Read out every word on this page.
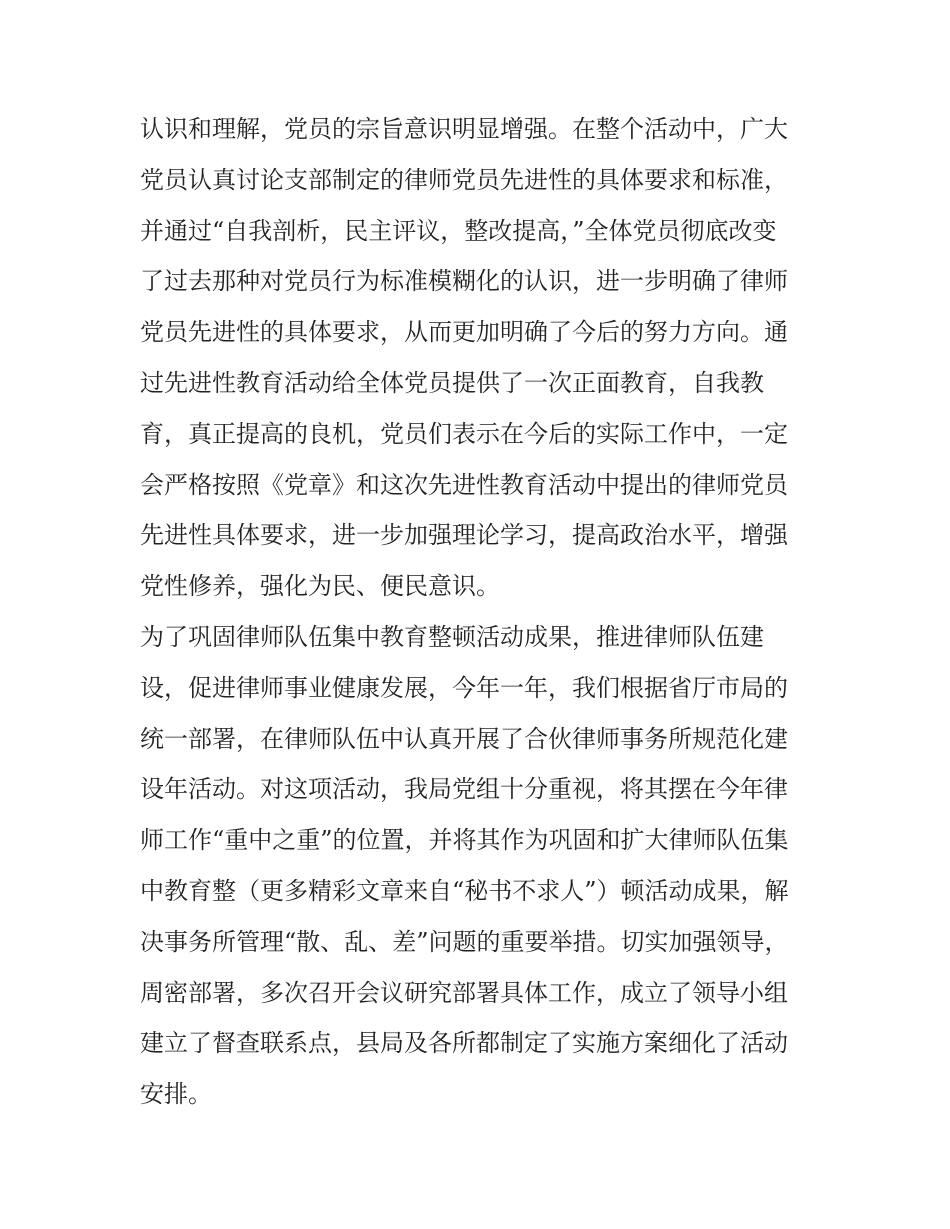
认识和理解，党员的宗旨意识明显增强。在整个活动中，广大
党员认真讨论支部制定的律师党员先进性的具体要求和标准，
并通过“自我剖析，民主评议，整改提高，”全体党员彻底改变
了过去那种对党员行为标准模糊化的认识，进一步明确了律师
党员先进性的具体要求，从而更加明确了今后的努力方向。通
过先进性教育活动给全体党员提供了一次正面教育，自我教
育，真正提高的良机，党员们表示在今后的实际工作中，一定
会严格按照《党章》和这次先进性教育活动中提出的律师党员
先进性具体要求，进一步加强理论学习，提高政治水平，增强
党性修养，强化为民、便民意识。
为了巩固律师队伍集中教育整顿活动成果，推进律师队伍建
设，促进律师事业健康发展，今年一年，我们根据省厅市局的
统一部署，在律师队伍中认真开展了合伙律师事务所规范化建
设年活动。对这项活动，我局党组十分重视，将其摆在今年律
师工作“重中之重”的位置，并将其作为巩固和扩大律师队伍集
中教育整（更多精彩文章来自“秘书不求人”）顿活动成果，解
决事务所管理“散、乱、差”问题的重要举措。切实加强领导，
周密部署，多次召开会议研究部署具体工作，成立了领导小组
建立了督查联系点，县局及各所都制定了实施方案细化了活动
安排。
